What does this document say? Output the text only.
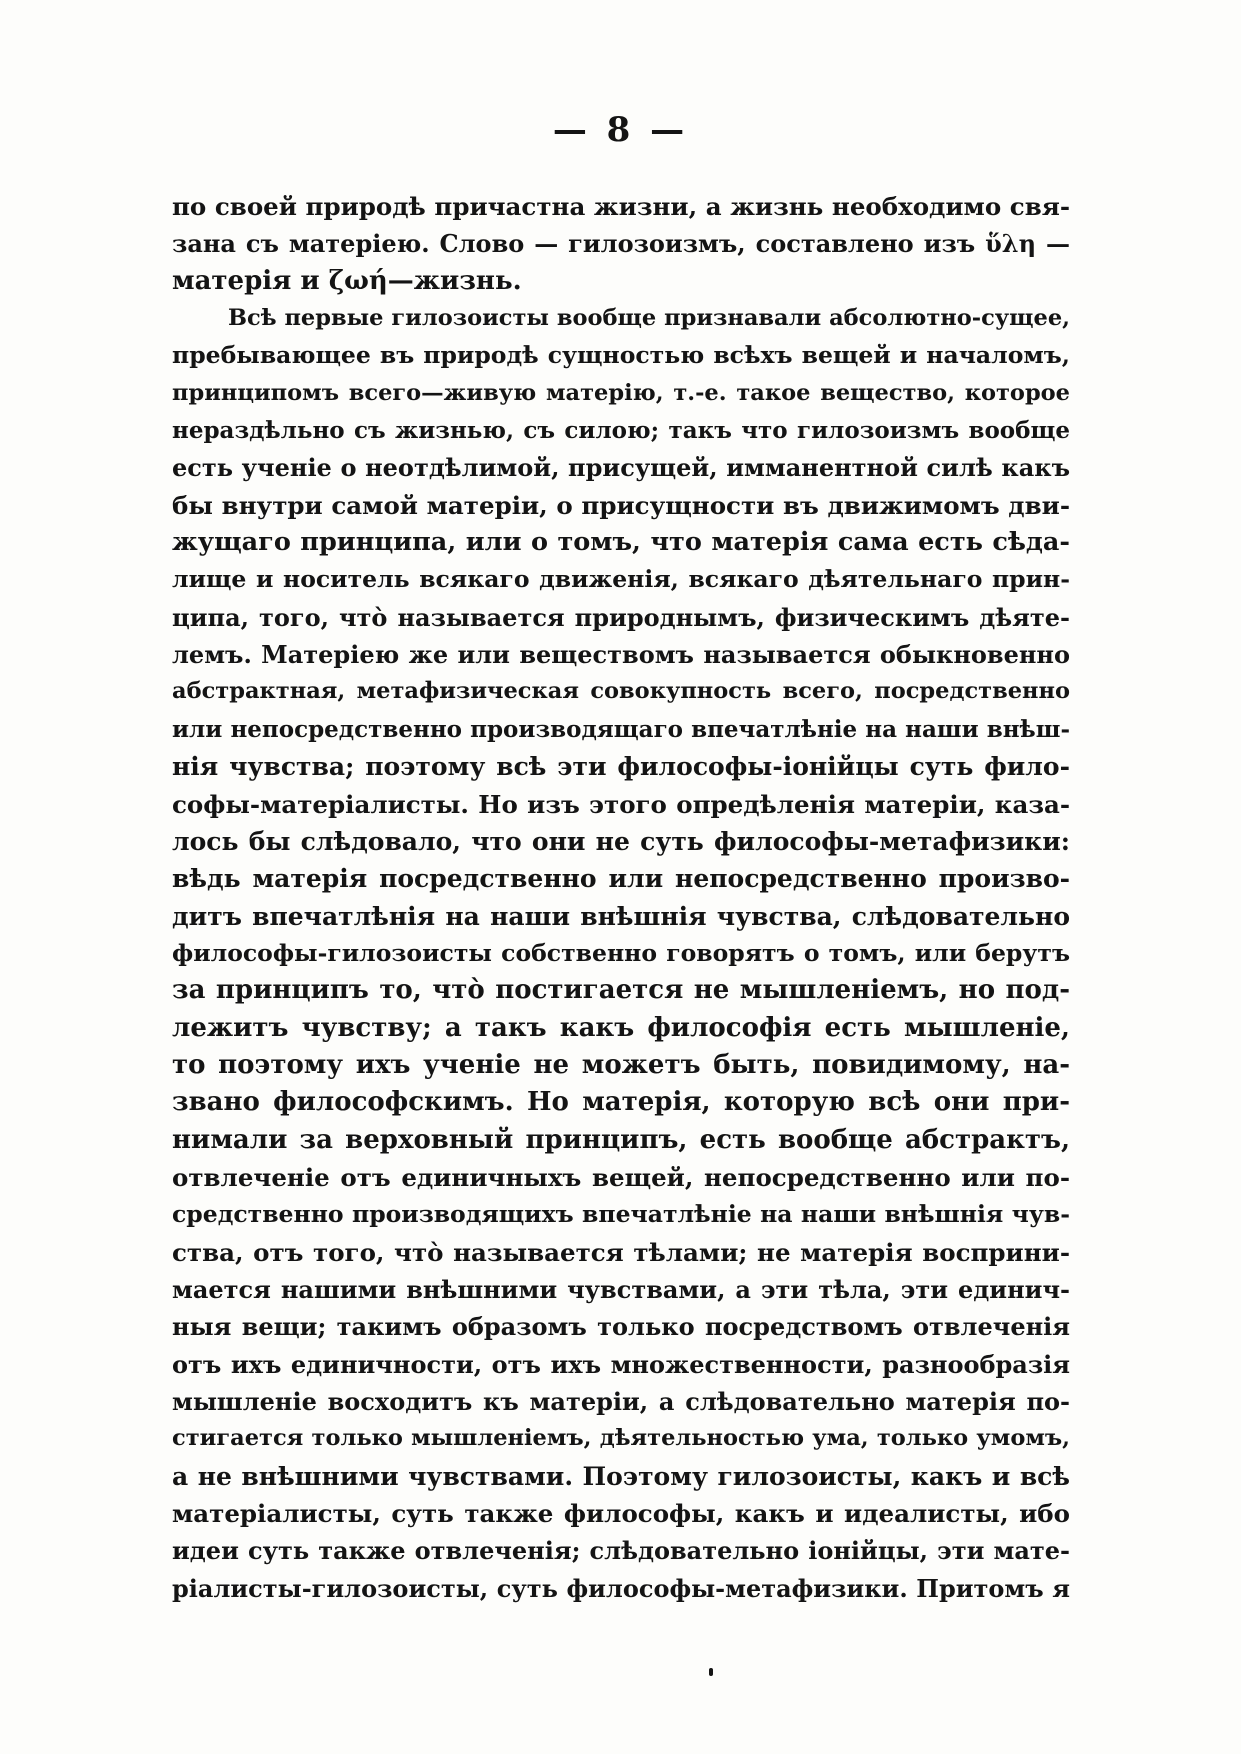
— 8 —
по своей природѣ причастна жизни, а жизнь необходимо свя-
зана съ матеріею. Слово — гилозоизмъ, составлено изъ ὕλη —
матерія и ζωή—жизнь.
Всѣ первые гилозоисты вообще признавали абсолютно-сущее,
пребывающее въ природѣ сущностью всѣхъ вещей и началомъ,
принципомъ всего—живую матерію, т.-е. такое вещество, которое
нераздѣльно съ жизнью, съ силою; такъ что гилозоизмъ вообще
есть ученіе о неотдѣлимой, присущей, имманентной силѣ какъ
бы внутри самой матеріи, о присущности въ движимомъ дви-
жущаго принципа, или о томъ, что матерія сама есть сѣда-
лище и носитель всякаго движенія, всякаго дѣятельнаго прин-
ципа, того, что̀ называется природнымъ, физическимъ дѣяте-
лемъ. Матеріею же или веществомъ называется обыкновенно
абстрактная, метафизическая совокупность всего, посредственно
или непосредственно производящаго впечатлѣніе на наши внѣш-
нія чувства; поэтому всѣ эти философы-іонійцы суть фило-
софы-матеріалисты. Но изъ этого опредѣленія матеріи, каза-
лось бы слѣдовало, что они не суть философы-метафизики:
вѣдь матерія посредственно или непосредственно произво-
дитъ впечатлѣнія на наши внѣшнія чувства, слѣдовательно
философы-гилозоисты собственно говорятъ о томъ, или берутъ
за принципъ то, что̀ постигается не мышленіемъ, но под-
лежитъ чувству; а такъ какъ философія есть мышленіе,
то поэтому ихъ ученіе не можетъ быть, повидимому, на-
звано философскимъ. Но матерія, которую всѣ они при-
нимали за верховный принципъ, есть вообще абстрактъ,
отвлеченіе отъ единичныхъ вещей, непосредственно или по-
средственно производящихъ впечатлѣніе на наши внѣшнія чув-
ства, отъ того, что̀ называется тѣлами; не матерія восприни-
мается нашими внѣшними чувствами, а эти тѣла, эти единич-
ныя вещи; такимъ образомъ только посредствомъ отвлеченія
отъ ихъ единичности, отъ ихъ множественности, разнообразія
мышленіе восходитъ къ матеріи, а слѣдовательно матерія по-
стигается только мышленіемъ, дѣятельностью ума, только умомъ,
а не внѣшними чувствами. Поэтому гилозоисты, какъ и всѣ
матеріалисты, суть также философы, какъ и идеалисты, ибо
идеи суть также отвлеченія; слѣдовательно іонійцы, эти мате-
ріалисты-гилозоисты, суть философы-метафизики. Притомъ я
